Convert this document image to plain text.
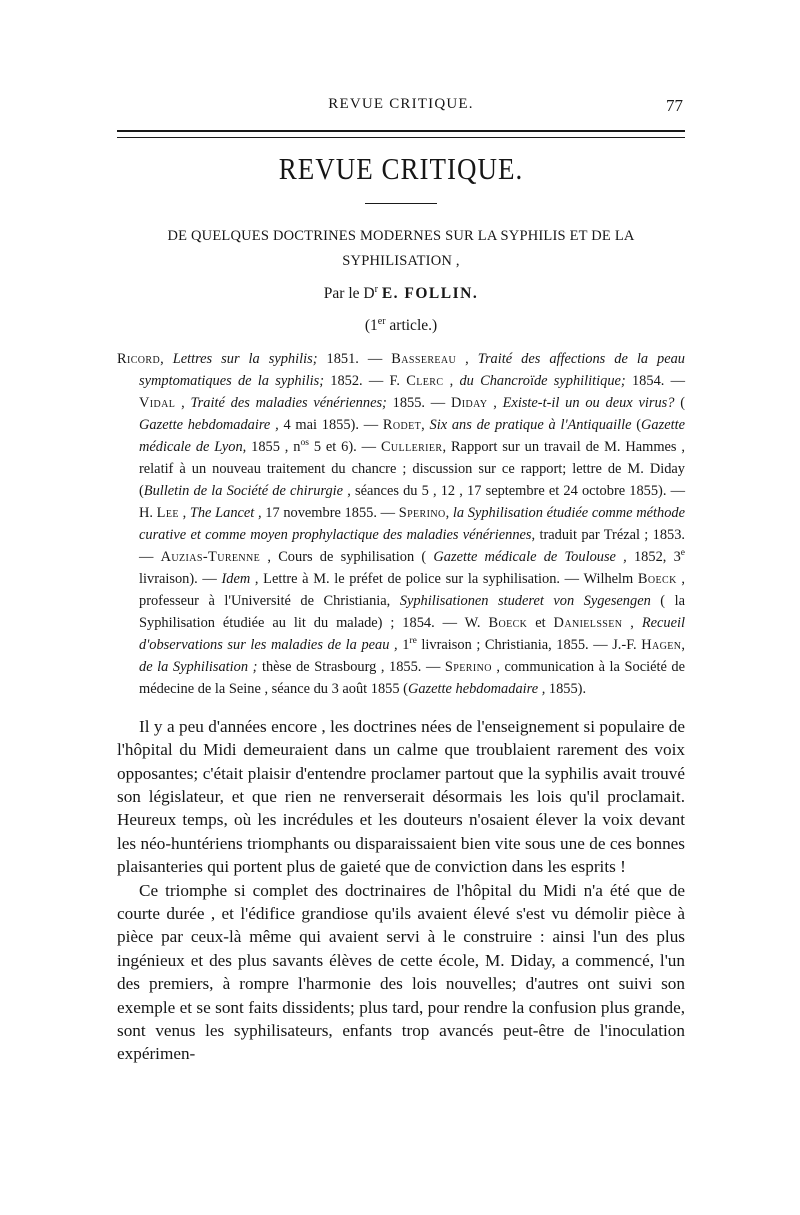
REVUE CRITIQUE.	77
REVUE CRITIQUE.
DE QUELQUES DOCTRINES MODERNES SUR LA SYPHILIS ET DE LA SYPHILISATION ,
Par le $D^r$ E. FOLLIN.
(1er article.)

Ricord, Lettres sur la syphilis; 1851. — Bassereau , Traité des affections de la peau symptomatiques de la syphilis; 1852. — F. Clerc , du Chancroïde syphilitique; 1854. — Vidal , Traité des maladies vénériennes; 1855. — Diday , Existe-t-il un ou deux virus? ( Gazette hebdomadaire , 4 mai 1855). — Rodet, Six ans de pratique à l'Antiquaille (Gazette médicale de Lyon, 1855 , $n^{os}$ 5 et 6). — Cullerier, Rapport sur un travail de M. Hammes , relatif à un nouveau traitement du chancre ; discussion sur ce rapport; lettre de M. Diday (Bulletin de la Société de chirurgie , séances du 5 , 12 , 17 septembre et 24 octobre 1855). — H. Lee , The Lancet , 17 novembre 1855. — Sperino, la Syphilisation étudiée comme méthode curative et comme moyen prophylactique des maladies vénériennes, traduit par Trézal ; 1853. — Auzias-Turenne , Cours de syphilisation ( Gazette médicale de Toulouse , 1852, 3e livraison). — Idem , Lettre à M. le préfet de police sur la syphilisation. — Wilhelm Boeck , professeur à l'Université de Christiania, Syphilisationen studeret von Sygesengen ( la Syphilisation étudiée au lit du malade) ; 1854. — W. Boeck et Danielssen , Recueil d'observations sur les maladies de la peau , 1re livraison ; Christiania, 1855. — J.-F. Hagen, de la Syphilisation ; thèse de Strasbourg , 1855. — Sperino , communication à la Société de médecine de la Seine , séance du 3 août 1855 (Gazette hebdomadaire , 1855).

Il y a peu d'années encore , les doctrines nées de l'enseignement si populaire de l'hôpital du Midi demeuraient dans un calme que troublaient rarement des voix opposantes; c'était plaisir d'entendre proclamer partout que la syphilis avait trouvé son législateur, et que rien ne renverserait désormais les lois qu'il proclamait. Heureux temps, où les incrédules et les douteurs n'osaient élever la voix devant les néo-huntériens triomphants ou disparaissaient bien vite sous une de ces bonnes plaisanteries qui portent plus de gaieté que de conviction dans les esprits !

Ce triomphe si complet des doctrinaires de l'hôpital du Midi n'a été que de courte durée , et l'édifice grandiose qu'ils avaient élevé s'est vu démolir pièce à pièce par ceux-là même qui avaient servi à le construire : ainsi l'un des plus ingénieux et des plus savants élèves de cette école, M. Diday, a commencé, l'un des premiers, à rompre l'harmonie des lois nouvelles; d'autres ont suivi son exemple et se sont faits dissidents; plus tard, pour rendre la confusion plus grande, sont venus les syphilisateurs, enfants trop avancés peut-être de l'inoculation expérimen-
